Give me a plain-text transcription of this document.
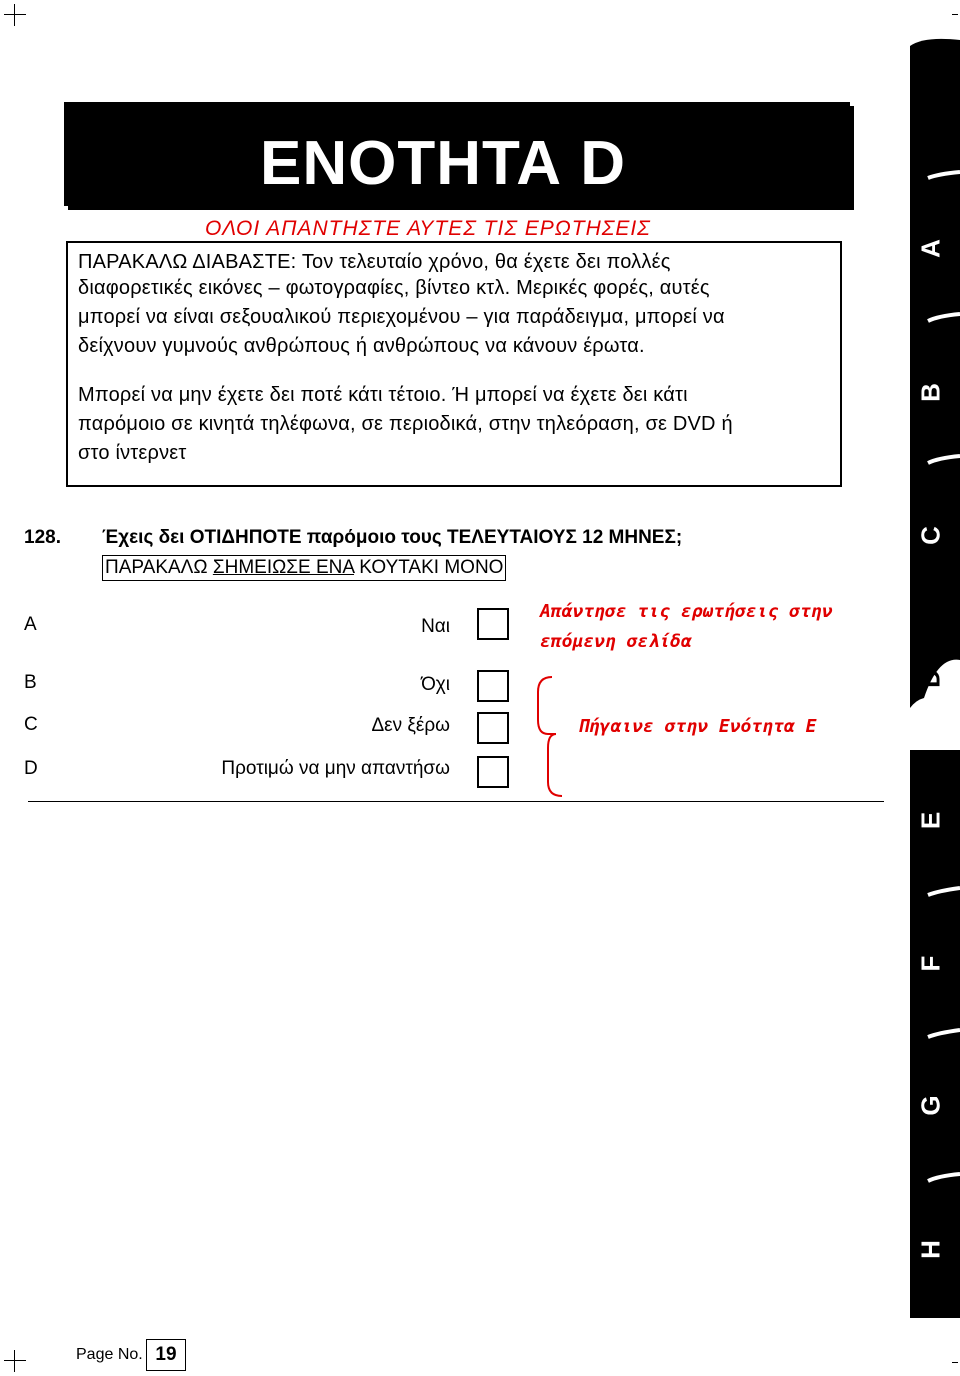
ΕΝΟΤΗΤΑ D
ΟΛΟΙ ΑΠΑΝΤΗΣΤΕ ΑΥΤΕΣ ΤΙΣ ΕΡΩΤΗΣΕΙΣ

ΠΑΡΑΚΑΛΩ ΔΙΑΒΑΣΤΕ: Τον τελευταίο χρόνο, θα έχετε δει πολλές

διαφορετικές εικόνες – φωτογραφίες, βίντεο κτλ. Μερικές φορές, αυτές

μπορεί να είναι σεξουαλικού περιεχομένου – για παράδειγμα, μπορεί να

δείχνουν γυμνούς ανθρώπους ή ανθρώπους να κάνουν έρωτα.

Μπορεί να μην έχετε δει ποτέ κάτι τέτοιο. Ή μπορεί να έχετε δει κάτι

παρόμοιο σε κινητά τηλέφωνα, σε περιοδικά, στην τηλεόραση, σε DVD ή

στο ίντερνετ

128. Έχεις δει ΟΤΙΔΗΠΟΤΕ παρόμοιο τους ΤΕΛΕΥΤΑΙΟΥΣ 12 ΜΗΝΕΣ;
ΠΑΡΑΚΑΛΩ ΣΗΜΕΙΩΣΕ ΕΝΑ ΚΟΥΤΑΚΙ ΜΟΝΟ
A	Ναι
B	Όχι
C	Δεν ξέρω
D	Προτιμώ να μην απαντήσω
Απάντησε τις ερωτήσεις στην
επόμενη σελίδα
Πήγαινε στην Ενότητα E
A
B
C
D
E
F
G
H
Page No. 19
